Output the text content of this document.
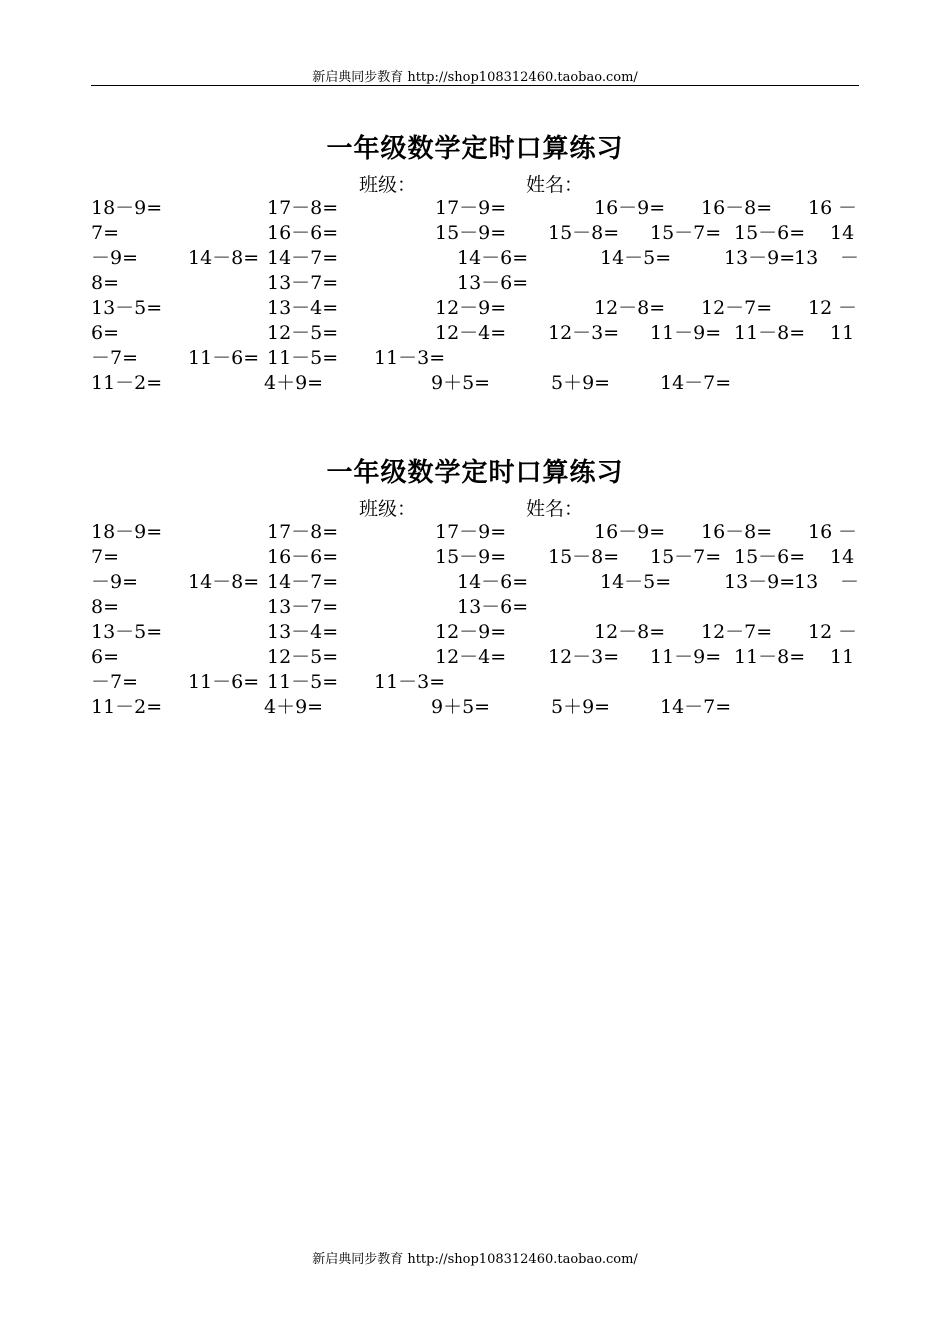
新启典同步教育 http://shop108312460.taobao.com/
一年级数学定时口算练习
班级：	姓名：
18－9=	17－8=	17－9=	16－9= 16－8= 16 －
7=	16－6=	15－9= 15－8= 15－7= 15－6= 14
－9=	14－8= 14－7=	14－6=	14－5=	13－9=
13 －
8=	13－7=	13－6=
13－5=	13－4=	12－9=	12－8= 12－7= 12 －
6=	12－5=	12－4= 12－3= 11－9= 11－8= 11
－7=	11－6= 11－5= 11－3=
11－2=	4＋9=	9＋5=	5＋9=	14－7=
一年级数学定时口算练习
班级：	姓名：
18－9=	17－8=	17－9=	16－9= 16－8= 16 －
7=	16－6=	15－9= 15－8= 15－7= 15－6= 14
－9=	14－8= 14－7=	14－6=	14－5=	13－9=
13 －
8=	13－7=	13－6=
13－5=	13－4=	12－9=	12－8= 12－7= 12 －
6=	12－5=	12－4= 12－3= 11－9= 11－8= 11
－7=	11－6= 11－5= 11－3=
11－2=	4＋9=	9＋5=	5＋9=	14－7=
新启典同步教育 http://shop108312460.taobao.com/
